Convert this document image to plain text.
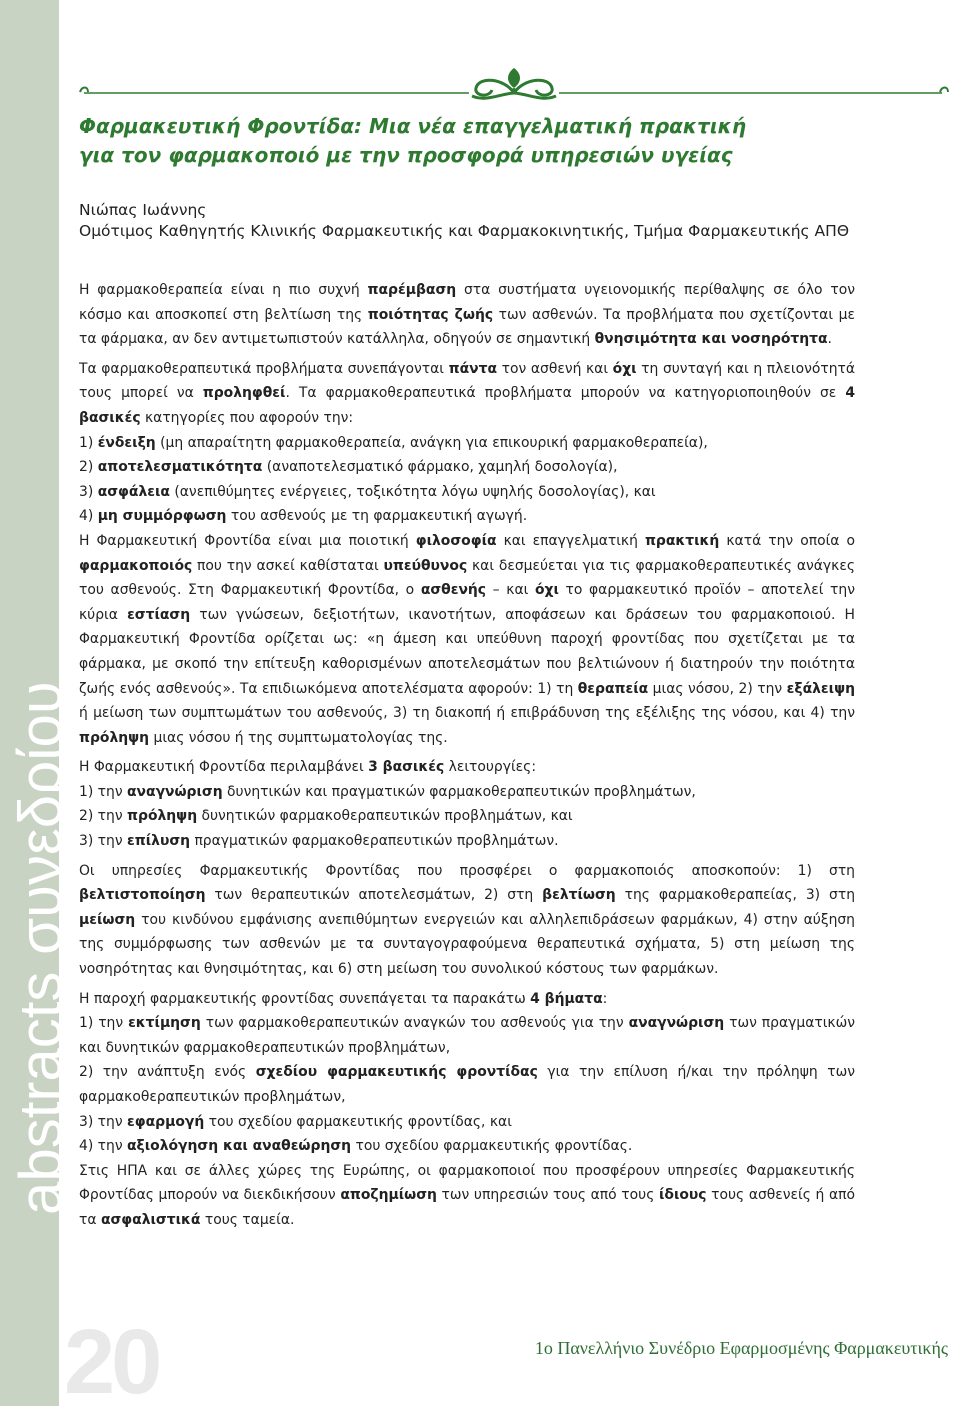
abstracts συνεδρίου
Φαρμακευτική Φροντίδα: Μια νέα επαγγελματική πρακτική
για τον φαρμακοποιό με την προσφορά υπηρεσιών υγείας
Νιώπας Ιωάννης
Ομότιμος Καθηγητής Κλινικής Φαρμακευτικής και Φαρμακοκινητικής, Τμήμα Φαρμακευτικής ΑΠΘ

Η φαρμακοθεραπεία είναι η πιο συχνή παρέμβαση στα συστήματα υγειονομικής περίθαλψης σε όλο τον κόσμο και αποσκοπεί στη βελτίωση της ποιότητας ζωής των ασθενών. Τα προβλήματα που σχετίζονται με τα φάρμακα, αν δεν αντιμετωπιστούν κατάλληλα, οδηγούν σε σημαντική θνησιμότητα και νοσηρότητα.

Τα φαρμακοθεραπευτικά προβλήματα συνεπάγονται πάντα τον ασθενή και όχι τη συνταγή και η πλειονότητά τους μπορεί να προληφθεί. Τα φαρμακοθεραπευτικά προβλήματα μπορούν να κατηγοριοποιηθούν σε 4 βασικές κατηγορίες που αφορούν την:

1) ένδειξη (μη απαραίτητη φαρμακοθεραπεία, ανάγκη για επικουρική φαρμακοθεραπεία),

2) αποτελεσματικότητα (αναποτελεσματικό φάρμακο, χαμηλή δοσολογία),

3) ασφάλεια (ανεπιθύμητες ενέργειες, τοξικότητα λόγω υψηλής δοσολογίας), και

4) μη συμμόρφωση του ασθενούς με τη φαρμακευτική αγωγή.

Η Φαρμακευτική Φροντίδα είναι μια ποιοτική φιλοσοφία και επαγγελματική πρακτική κατά την οποία ο φαρμακοποιός που την ασκεί καθίσταται υπεύθυνος και δεσμεύεται για τις φαρμακοθεραπευτικές ανάγκες του ασθενούς. Στη Φαρμακευτική Φροντίδα, ο ασθενής – και όχι το φαρμακευτικό προϊόν – αποτελεί την κύρια εστίαση των γνώσεων, δεξιοτήτων, ικανοτήτων, αποφάσεων και δράσεων του φαρμακοποιού. Η Φαρμακευτική Φροντίδα ορίζεται ως: «η άμεση και υπεύθυνη παροχή φροντίδας που σχετίζεται με τα φάρμακα, με σκοπό την επίτευξη καθορισμένων αποτελεσμάτων που βελτιώνουν ή διατηρούν την ποιότητα ζωής ενός ασθενούς». Τα επιδιωκόμενα αποτελέσματα αφορούν: 1) τη θεραπεία μιας νόσου, 2) την εξάλειψη ή μείωση των συμπτωμάτων του ασθενούς, 3) τη διακοπή ή επιβράδυνση της εξέλιξης της νόσου, και 4) την πρόληψη μιας νόσου ή της συμπτωματολογίας της.

Η Φαρμακευτική Φροντίδα περιλαμβάνει 3 βασικές λειτουργίες:

1) την αναγνώριση δυνητικών και πραγματικών φαρμακοθεραπευτικών προβλημάτων,

2) την πρόληψη δυνητικών φαρμακοθεραπευτικών προβλημάτων, και

3) την επίλυση πραγματικών φαρμακοθεραπευτικών προβλημάτων.

Οι υπηρεσίες Φαρμακευτικής Φροντίδας που προσφέρει ο φαρμακοποιός αποσκοπούν: 1) στη βελτιστοποίηση των θεραπευτικών αποτελεσμάτων, 2) στη βελτίωση της φαρμακοθεραπείας, 3) στη μείωση του κινδύνου εμφάνισης ανεπιθύμητων ενεργειών και αλληλεπιδράσεων φαρμάκων, 4) στην αύξηση της συμμόρφωσης των ασθενών με τα συνταγογραφούμενα θεραπευτικά σχήματα, 5) στη μείωση της νοσηρότητας και θνησιμότητας, και 6) στη μείωση του συνολικού κόστους των φαρμάκων.

Η παροχή φαρμακευτικής φροντίδας συνεπάγεται τα παρακάτω 4 βήματα:

1) την εκτίμηση των φαρμακοθεραπευτικών αναγκών του ασθενούς για την αναγνώριση των πραγματικών και δυνητικών φαρμακοθεραπευτικών προβλημάτων,

2) την ανάπτυξη ενός σχεδίου φαρμακευτικής φροντίδας για την επίλυση ή/και την πρόληψη των φαρμακοθεραπευτικών προβλημάτων,

3) την εφαρμογή του σχεδίου φαρμακευτικής φροντίδας, και

4) την αξιολόγηση και αναθεώρηση του σχεδίου φαρμακευτικής φροντίδας.

Στις ΗΠΑ και σε άλλες χώρες της Ευρώπης, οι φαρμακοποιοί που προσφέρουν υπηρεσίες Φαρμακευτικής Φροντίδας μπορούν να διεκδικήσουν αποζημίωση των υπηρεσιών τους από τους ίδιους τους ασθενείς ή από τα ασφαλιστικά τους ταμεία.

20	1ο Πανελλήνιο Συνέδριο Εφαρμοσμένης Φαρμακευτικής
